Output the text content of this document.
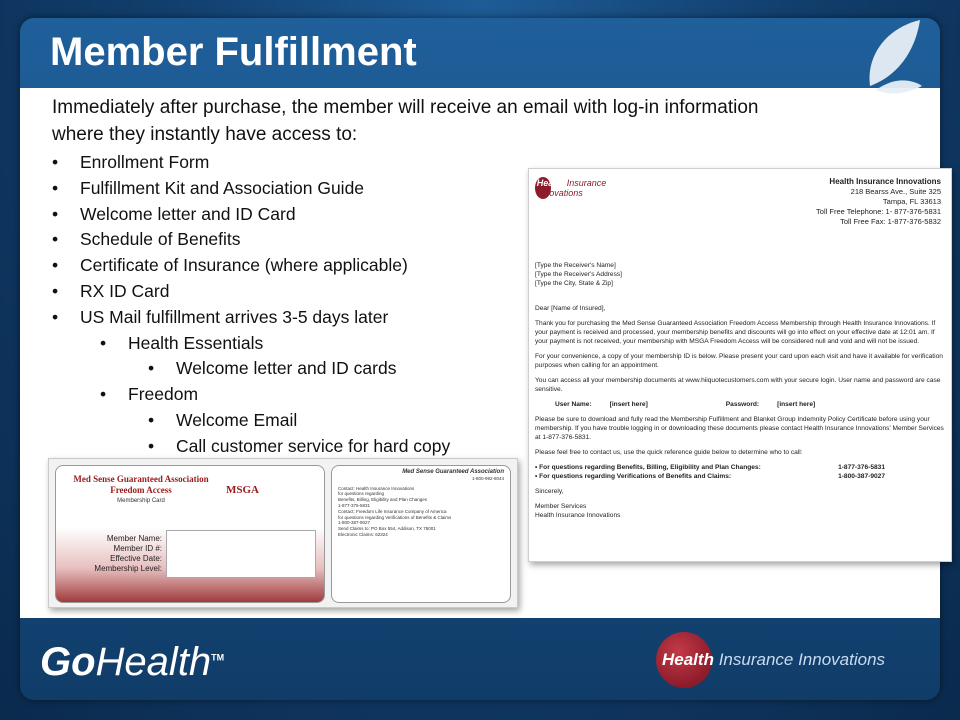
Member Fulfillment

Immediately after purchase, the member will receive an email with log-in information where they instantly have access to:

• Enrollment Form
• Fulfillment Kit and Association Guide
• Welcome letter and ID Card
• Schedule of Benefits
• Certificate of Insurance (where applicable)
• RX ID Card
• US Mail fulfillment arrives 3-5 days later
• Health Essentials
• Welcome letter and ID cards
• Freedom
• Welcome Email
• Call customer service for hard copy
Health Insurance Innovations
Health Insurance Innovations
218 Bearss Ave., Suite 325
Tampa, FL 33613
Toll Free Telephone: 1- 877-376-5831
Toll Free Fax: 1-877-376-5832

[Type the Receiver's Name]
[Type the Receiver's Address]
[Type the City, State & Zip]

Dear [Name of Insured],

Thank you for purchasing the Med Sense Guaranteed Association Freedom Access Membership through Health Insurance Innovations. If your payment is received and processed, your membership benefits and discounts will go into effect on your effective date at 12:01 am. If your payment is not received, your membership with MSGA Freedom Access will be considered null and void and will not be issued.

For your convenience, a copy of your membership ID is below. Please present your card upon each visit and have it available for verification purposes when calling for an appointment.

You can access all your membership documents at www.hiiquotecustomers.com with your secure login. User name and password are case sensitive.

User Name:	[insert here]	Password:	[insert here]

Please be sure to download and fully read the Membership Fulfillment and Blanket Group Indemnity Policy Certificate before using your membership. If you have trouble logging in or downloading these documents please contact Health Insurance Innovations' Member Services at 1-877-376-5831.

Please feel free to contact us, use the quick reference guide below to determine who to call:

• For questions regarding Benefits, Billing, Eligibility and Plan Changes:	1-877-376-5831
• For questions regarding Verifications of Benefits and Claims:	1-800-387-9027

Sincerely,

Member Services
Health Insurance Innovations

Med Sense Guaranteed Association Freedom Access
Membership Card
MSGA
Member Name:
Member ID #:
Effective Date:
Membership Level:
Med Sense Guaranteed Association
1-800-992-8044
Contact: Health Insurance Innovations
for questions regarding
Benefits, Billing, Eligibility and Plan Changes
1-877-376-5831
Contact: Freedom Life Insurance Company of America
for questions regarding Verifications of Benefits & Claims
1-800-387-9027
Send Claims to: PO Box 554, Addison, TX 75001
Electronic Claims: 62324
GoHealth™	Health Insurance Innovations
